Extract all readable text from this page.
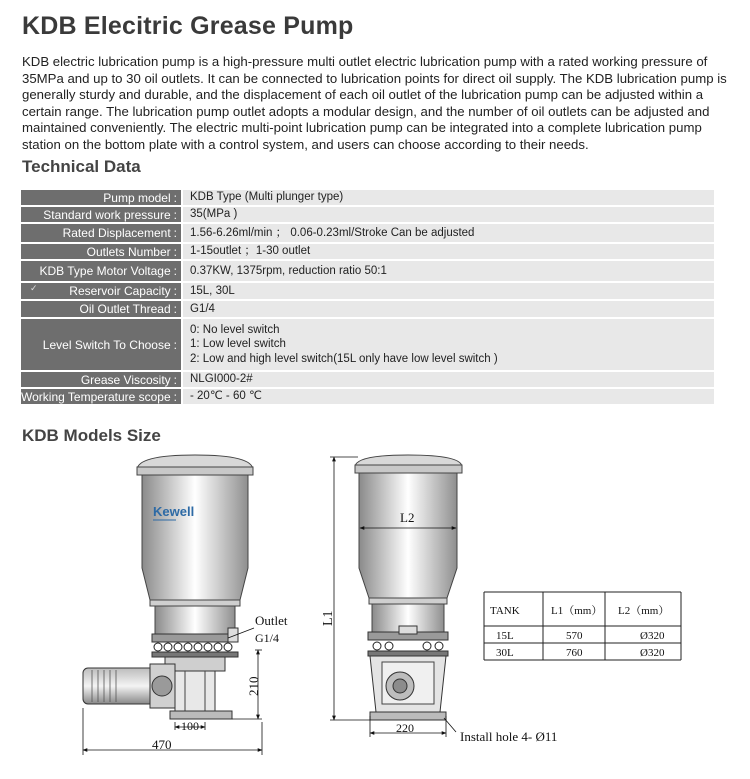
KDB Elecitric Grease Pump
KDB electric lubrication pump is a high-pressure multi outlet electric lubrication pump with a rated working pressure of 35MPa and up to 30 oil outlets. It can be connected to lubrication points for direct oil supply. The KDB lubrication pump is generally sturdy and durable, and the displacement of each oil outlet of the lubrication pump can be adjusted within a certain range. The lubrication pump outlet adopts a modular design, and the number of oil outlets can be adjusted and maintained conveniently. The electric multi-point lubrication pump can be integrated into a complete lubrication pump station on the bottom plate with a control system, and users can choose according to their needs.
Technical Data
Pump model : KDB Type (Multi plunger type)
Standard work pressure : 35(MPa )
Rated Displacement : 1.56-6.26ml/min ； 0.06-0.23ml/Stroke Can be adjusted
Outlets Number : 1-15outlet ；1-30 outlet
KDB Type Motor Voltage : 0.37KW, 1375rpm, reduction ratio 50:1
Reservoir Capacity : 15L, 30L
Oil Outlet Thread : G1/4
Level Switch To Choose :
0: No level switch
1: Low level switch
2: Low and high level switch(15L only have low level switch )
Grease Viscosity : NLGI000-2#
Working Temperature scope : - 20℃ - 60 ℃
✓
KDB Models Size
Kewell
210
Outlet
G1/4
100
470
L1
L2
220
Install hole 4- Ø11
TANK	L1（mm） L2（mm）
15L	570	Ø320
30L	760	Ø320
